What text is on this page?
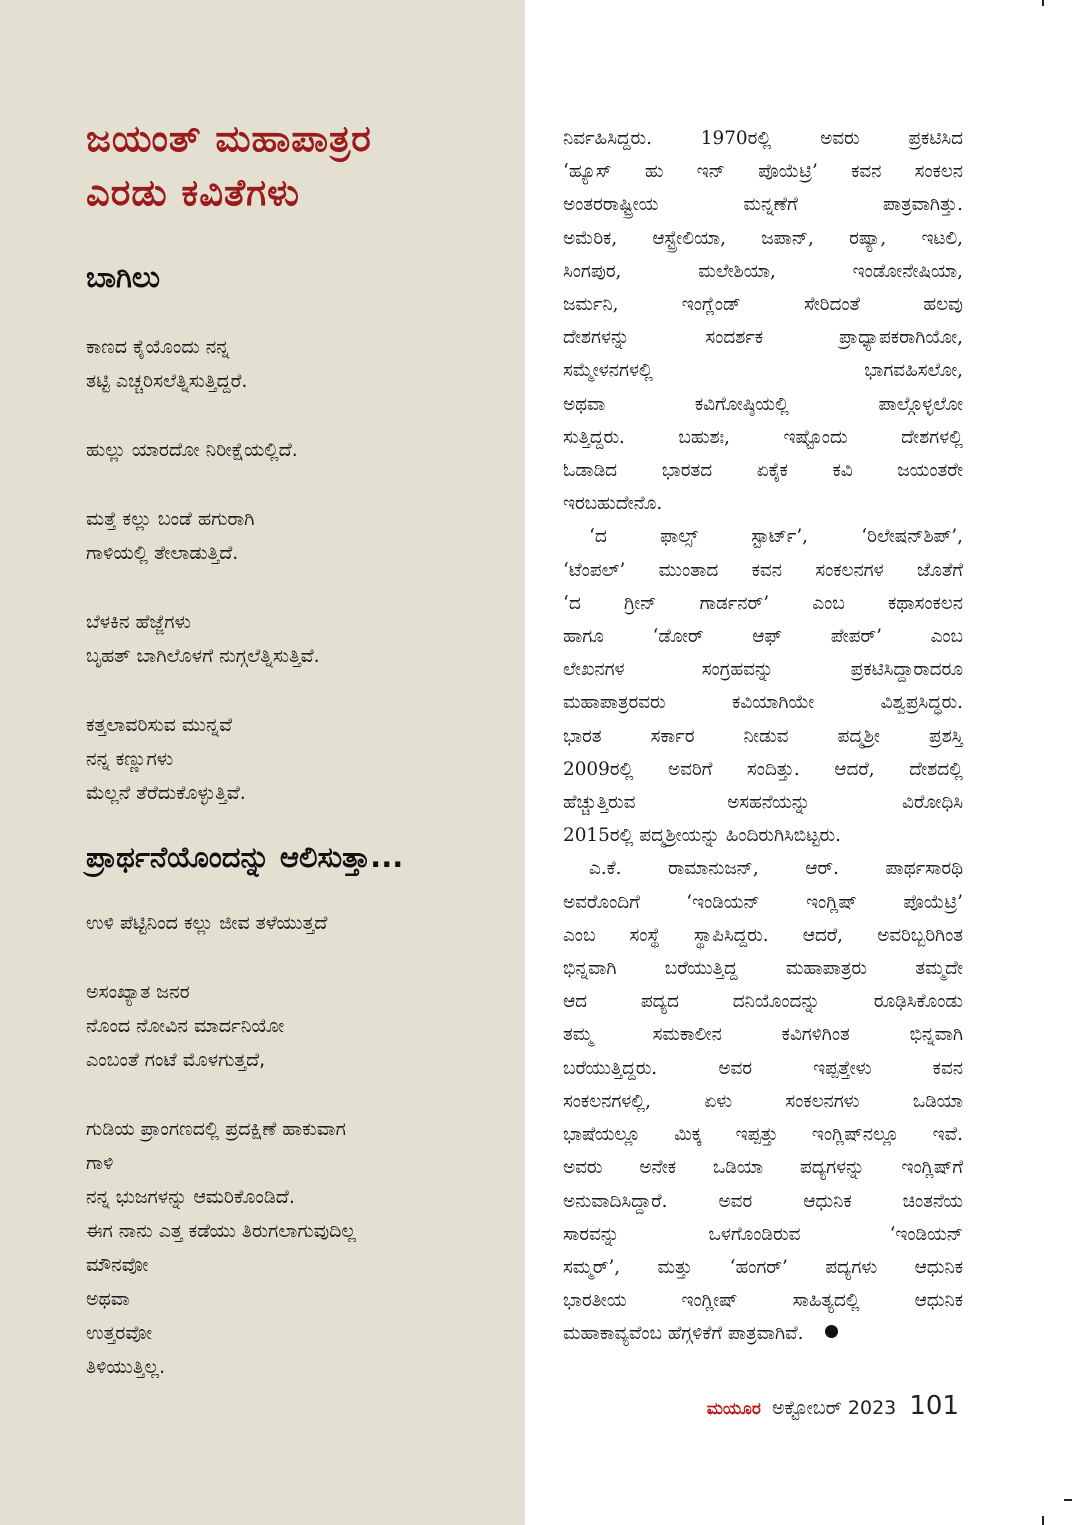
ಜಯಂತ್ ಮಹಾಪಾತ್ರರ
ಎರಡು ಕವಿತೆಗಳು
ಬಾಗಿಲು
ಕಾಣದ ಕೈಯೊಂದು ನನ್ನ
ತಟ್ಟಿ ಎಚ್ಚರಿಸಲೆತ್ನಿಸುತ್ತಿದ್ದರೆ.
ಹುಲ್ಲು ಯಾರದೋ ನಿರೀಕ್ಷೆಯಲ್ಲಿದೆ.
ಮತ್ತೆ ಕಲ್ಲು ಬಂಡೆ ಹಗುರಾಗಿ
ಗಾಳಿಯಲ್ಲಿ ತೇಲಾಡುತ್ತಿದೆ.
ಬೆಳಕಿನ ಹೆಜ್ಜೆಗಳು
ಬೃಹತ್ ಬಾಗಿಲೊಳಗೆ ನುಗ್ಗಲೆತ್ನಿಸುತ್ತಿವೆ.
ಕತ್ತಲಾವರಿಸುವ ಮುನ್ನವೆ
ನನ್ನ ಕಣ್ಣುಗಳು
ಮೆಲ್ಲನೆ ತೆರೆದುಕೊಳ್ಳುತ್ತಿವೆ.
ಪ್ರಾರ್ಥನೆಯೊಂದನ್ನು ಆಲಿಸುತ್ತಾ...
ಉಳಿ ಪೆಟ್ಟಿನಿಂದ ಕಲ್ಲು ಜೀವ ತಳೆಯುತ್ತದೆ
ಅಸಂಖ್ಯಾತ ಜನರ
ನೊಂದ ನೋವಿನ ಮಾರ್ದನಿಯೋ
ಎಂಬಂತೆ ಗಂಟೆ ಮೊಳಗುತ್ತದೆ,
ಗುಡಿಯ ಪ್ರಾಂಗಣದಲ್ಲಿ ಪ್ರದಕ್ಷಿಣೆ ಹಾಕುವಾಗ
ಗಾಳಿ
ನನ್ನ ಭುಜಗಳನ್ನು ಆಮರಿಕೊಂಡಿದೆ.
ಈಗ ನಾನು ಎತ್ತ ಕಡೆಯು ತಿರುಗಲಾಗುವುದಿಲ್ಲ
ಮೌನವೋ
ಅಥವಾ
ಉತ್ತರವೋ
ತಿಳಿಯುತ್ತಿಲ್ಲ.
ನಿರ್ವಹಿಸಿದ್ದರು. 1970ರಲ್ಲಿ ಅವರು ಪ್ರಕಟಿಸಿದ
‘ಹ್ಯೂಸ್ ಹು ಇನ್ ಪೊಯೆಟ್ರಿ’ ಕವನ ಸಂಕಲನ
ಅಂತರರಾಷ್ಟ್ರೀಯ ಮನ್ನಣೆಗೆ ಪಾತ್ರವಾಗಿತ್ತು.
ಅಮೆರಿಕ, ಆಸ್ಟ್ರೇಲಿಯಾ, ಜಪಾನ್, ರಷ್ಯಾ, ಇಟಲಿ,
ಸಿಂಗಪುರ, ಮಲೇಶಿಯಾ, ಇಂಡೋನೇಷಿಯಾ,
ಜರ್ಮನಿ, ಇಂಗ್ಲೆಂಡ್ ಸೇರಿದಂತೆ ಹಲವು
ದೇಶಗಳನ್ನು ಸಂದರ್ಶಕ ಪ್ರಾಧ್ಯಾಪಕರಾಗಿಯೋ,
ಸಮ್ಮೇಳನಗಳಲ್ಲಿ ಭಾಗವಹಿಸಲೋ,
ಅಥವಾ ಕವಿಗೋಷ್ಠಿಯಲ್ಲಿ ಪಾಲ್ಗೊಳ್ಳಲೋ
ಸುತ್ತಿದ್ದರು. ಬಹುಶಃ, ಇಷ್ಟೊಂದು ದೇಶಗಳಲ್ಲಿ
ಓಡಾಡಿದ ಭಾರತದ ಏಕೈಕ ಕವಿ ಜಯಂತರೇ
ಇರಬಹುದೇನೊ.
‘ದ ಫಾಲ್ಸ್ ಸ್ಟಾರ್ಟ್’, ‘ರಿಲೇಷನ್‌ಶಿಪ್’,
‘ಟೆಂಪಲ್’ ಮುಂತಾದ ಕವನ ಸಂಕಲನಗಳ ಜೊತೆಗೆ
‘ದ ಗ್ರೀನ್ ಗಾರ್ಡನರ್’ ಎಂಬ ಕಥಾಸಂಕಲನ
ಹಾಗೂ ‘ಡೋರ್ ಆಫ್ ಪೇಪರ್’ ಎಂಬ
ಲೇಖನಗಳ ಸಂಗ್ರಹವನ್ನು ಪ್ರಕಟಿಸಿದ್ದಾರಾದರೂ
ಮಹಾಪಾತ್ರರವರು ಕವಿಯಾಗಿಯೇ ವಿಶ್ವಪ್ರಸಿದ್ಧರು.
ಭಾರತ ಸರ್ಕಾರ ನೀಡುವ ಪದ್ಮಶ್ರೀ ಪ್ರಶಸ್ತಿ
2009ರಲ್ಲಿ ಅವರಿಗೆ ಸಂದಿತ್ತು. ಆದರೆ, ದೇಶದಲ್ಲಿ
ಹೆಚ್ಚುತ್ತಿರುವ ಅಸಹನೆಯನ್ನು ವಿರೋಧಿಸಿ
2015ರಲ್ಲಿ ಪದ್ಮಶ್ರೀಯನ್ನು ಹಿಂದಿರುಗಿಸಿಬಿಟ್ಟರು.
ಎ.ಕೆ. ರಾಮಾನುಜನ್, ಆರ್. ಪಾರ್ಥಸಾರಥಿ
ಅವರೊಂದಿಗೆ ‘ಇಂಡಿಯನ್ ಇಂಗ್ಲಿಷ್ ಪೊಯೆಟ್ರಿ’
ಎಂಬ ಸಂಸ್ಥೆ ಸ್ಥಾಪಿಸಿದ್ದರು. ಆದರೆ, ಅವರಿಬ್ಬರಿಗಿಂತ
ಭಿನ್ನವಾಗಿ ಬರೆಯುತ್ತಿದ್ದ ಮಹಾಪಾತ್ರರು ತಮ್ಮದೇ
ಆದ ಪದ್ಯದ ದನಿಯೊಂದನ್ನು ರೂಢಿಸಿಕೊಂಡು
ತಮ್ಮ ಸಮಕಾಲೀನ ಕವಿಗಳಿಗಿಂತ ಭಿನ್ನವಾಗಿ
ಬರೆಯುತ್ತಿದ್ದರು. ಅವರ ಇಪ್ಪತ್ತೇಳು ಕವನ
ಸಂಕಲನಗಳಲ್ಲಿ, ಏಳು ಸಂಕಲನಗಳು ಒಡಿಯಾ
ಭಾಷೆಯಲ್ಲೂ ಮಿಕ್ಕ ಇಪ್ಪತ್ತು ಇಂಗ್ಲಿಷ್‌ನಲ್ಲೂ ಇವೆ.
ಅವರು ಅನೇಕ ಒಡಿಯಾ ಪದ್ಯಗಳನ್ನು ಇಂಗ್ಲಿಷ್‌ಗೆ
ಅನುವಾದಿಸಿದ್ದಾರೆ. ಅವರ ಆಧುನಿಕ ಚಿಂತನೆಯ
ಸಾರವನ್ನು ಒಳಗೊಂಡಿರುವ ‘ಇಂಡಿಯನ್
ಸಮ್ಮರ್’, ಮತ್ತು ‘ಹಂಗರ್’ ಪದ್ಯಗಳು ಆಧುನಿಕ
ಭಾರತೀಯ ಇಂಗ್ಲೀಷ್ ಸಾಹಿತ್ಯದಲ್ಲಿ ಆಧುನಿಕ
ಮಹಾಕಾವ್ಯವೆಂಬ ಹೆಗ್ಗಳಿಕೆಗೆ ಪಾತ್ರವಾಗಿವೆ.
ಮಯೂರ ಅಕ್ಟೋಬರ್ 2023 101
